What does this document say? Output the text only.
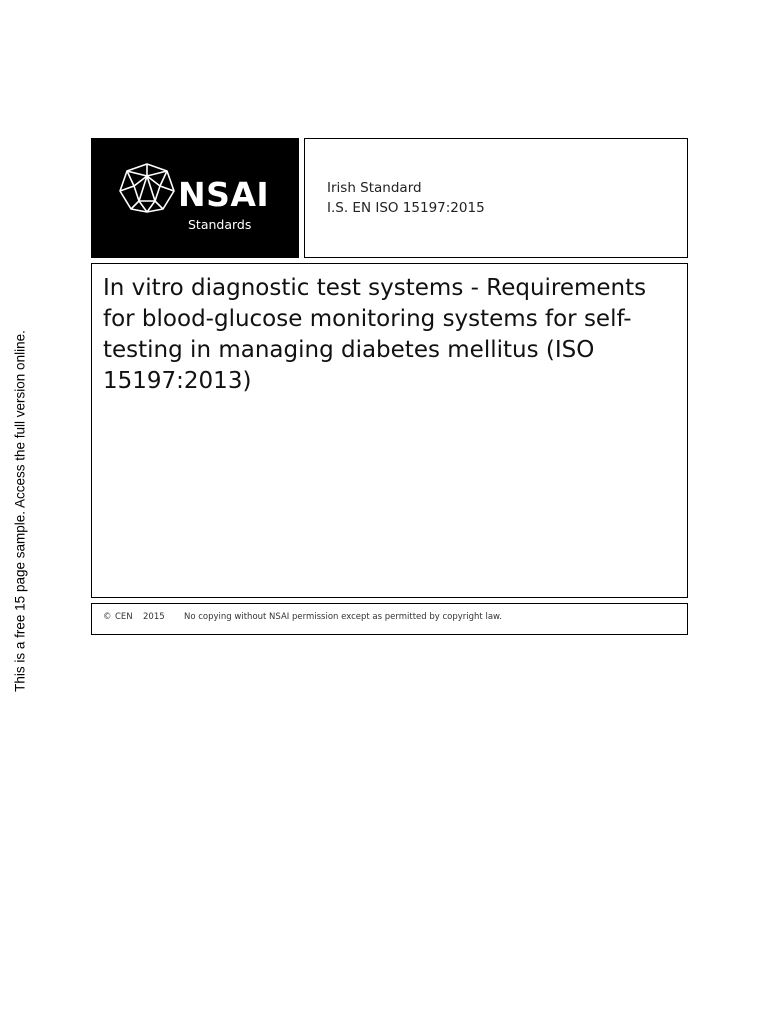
This is a free 15 page sample. Access the full version online.
NSAI
Standards
Irish Standard
I.S. EN ISO 15197:2015
In vitro diagnostic test systems - Requirements for blood-glucose monitoring systems for self-testing in managing diabetes mellitus (ISO 15197:2013)
© CEN 2015 No copying without NSAI permission except as permitted by copyright law.
